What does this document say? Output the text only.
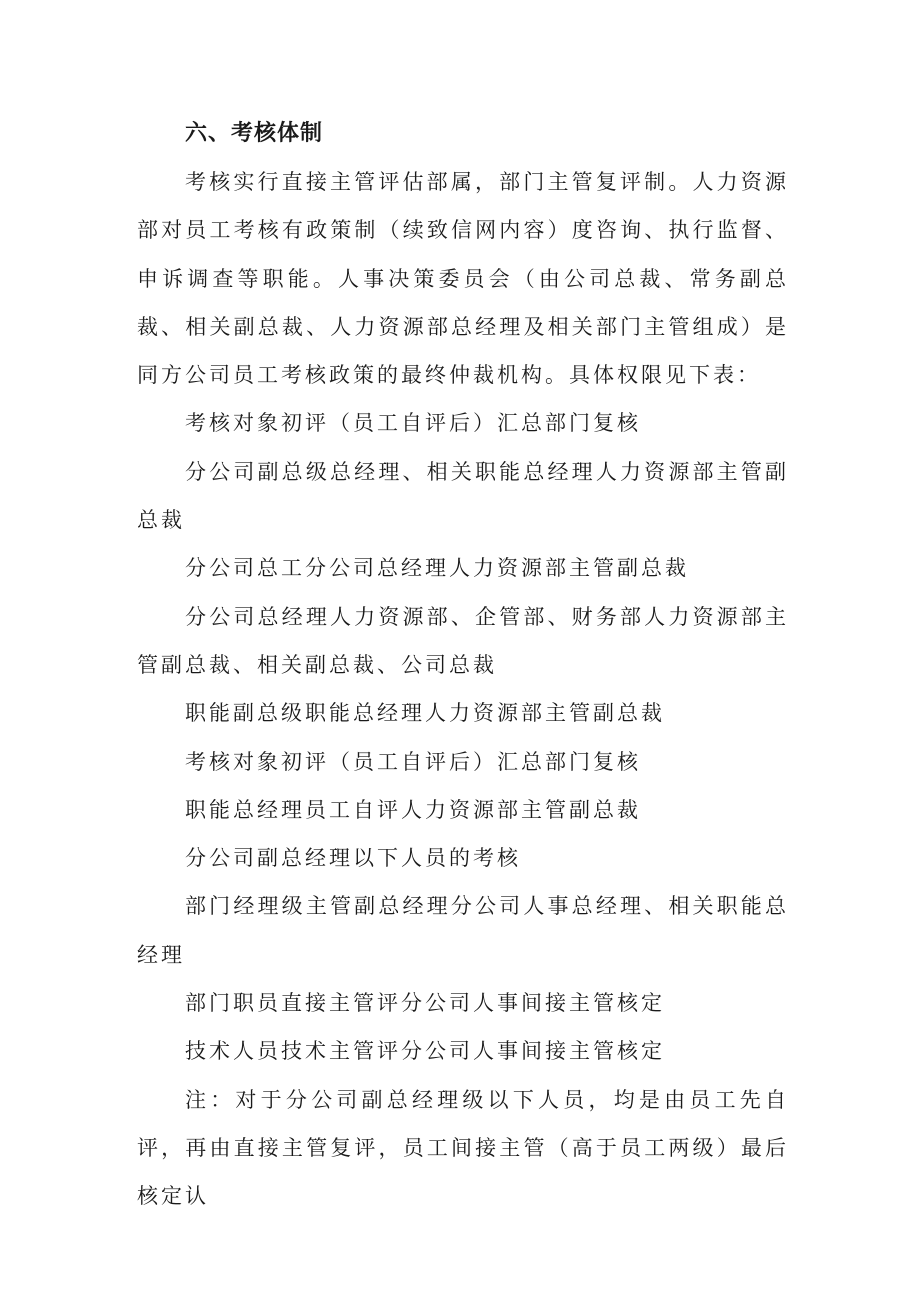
六、考核体制

考核实行直接主管评估部属，部门主管复评制。人力资源部对员工考核有政策制（续致信网内容）度咨询、执行监督、申诉调查等职能。人事决策委员会（由公司总裁、常务副总裁、相关副总裁、人力资源部总经理及相关部门主管组成）是同方公司员工考核政策的最终仲裁机构。具体权限见下表：

考核对象初评（员工自评后）汇总部门复核

分公司副总级总经理、相关职能总经理人力资源部主管副总裁

分公司总工分公司总经理人力资源部主管副总裁

分公司总经理人力资源部、企管部、财务部人力资源部主管副总裁、相关副总裁、公司总裁

职能副总级职能总经理人力资源部主管副总裁

考核对象初评（员工自评后）汇总部门复核

职能总经理员工自评人力资源部主管副总裁

分公司副总经理以下人员的考核

部门经理级主管副总经理分公司人事总经理、相关职能总经理

部门职员直接主管评分公司人事间接主管核定

技术人员技术主管评分公司人事间接主管核定

注：对于分公司副总经理级以下人员，均是由员工先自评，再由直接主管复评，员工间接主管（高于员工两级）最后核定认
